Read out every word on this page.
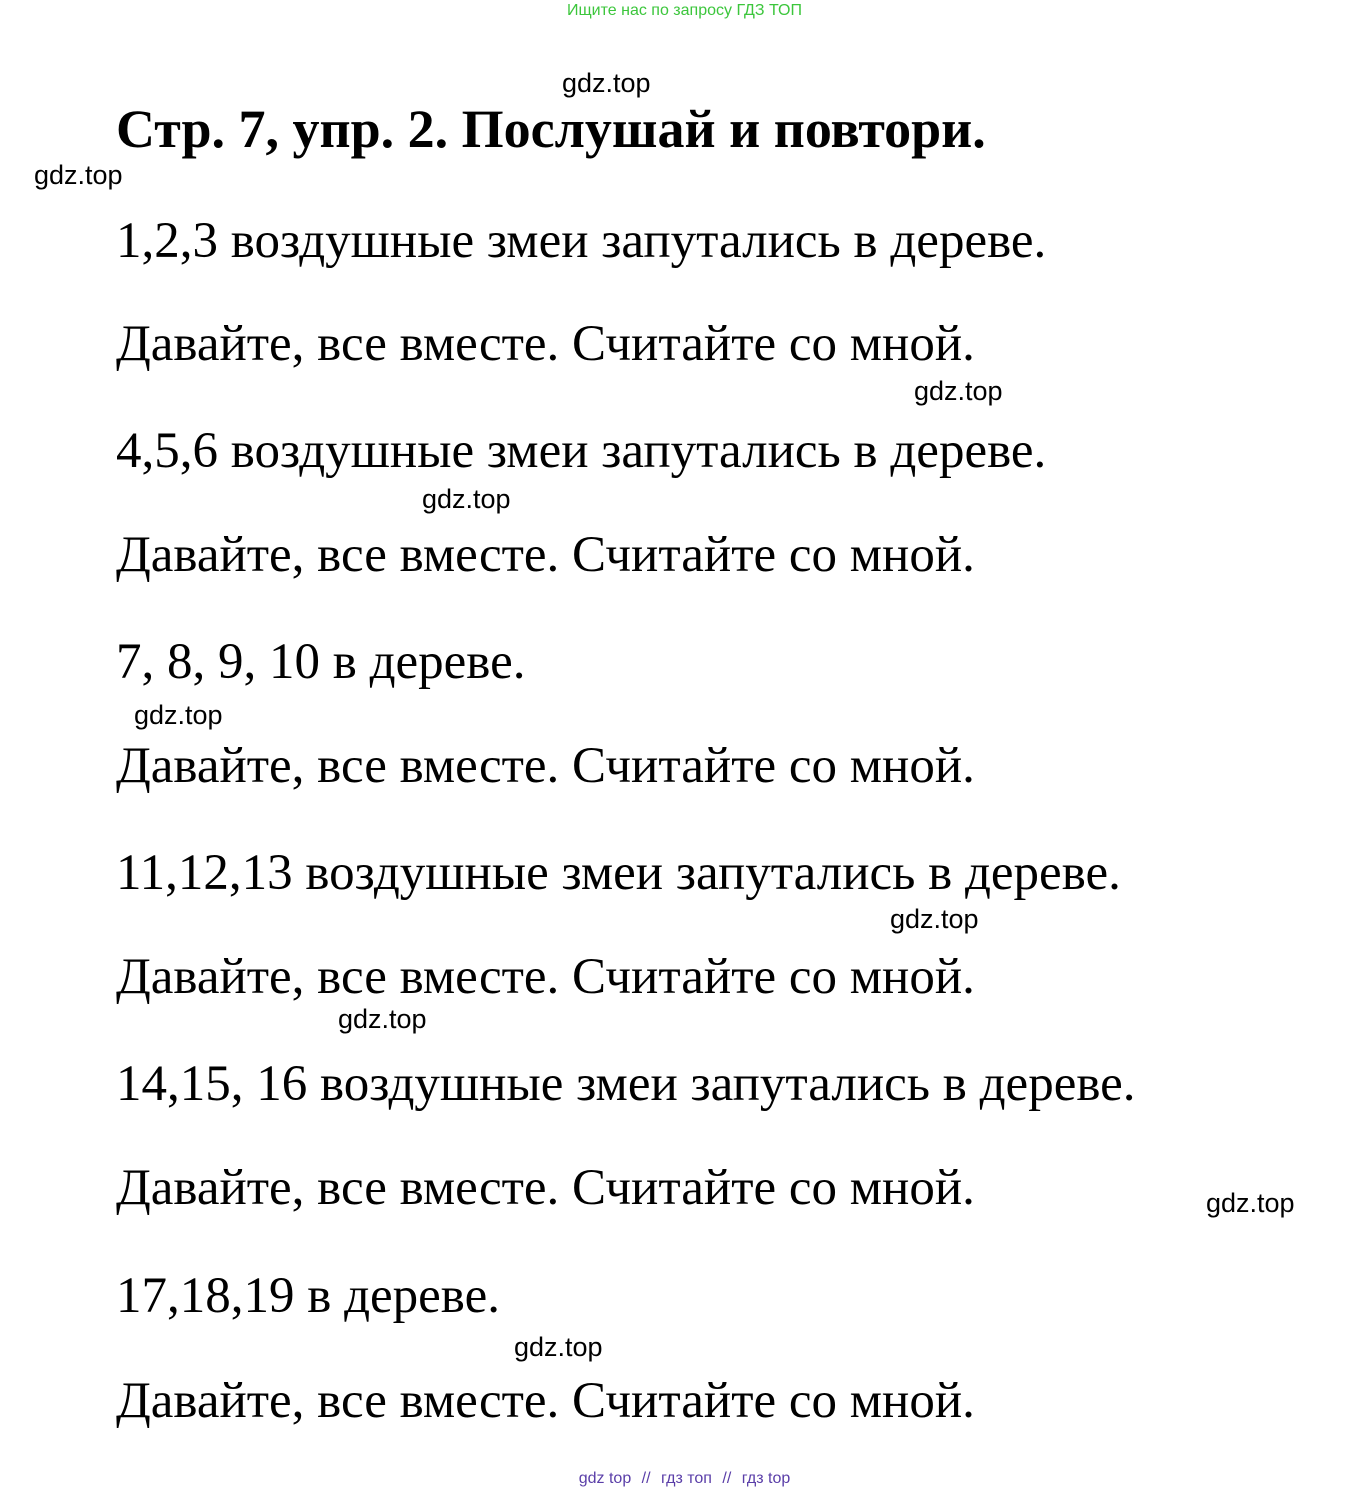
Ищите нас по запросу ГДЗ ТОП
gdz.top
Стр. 7, упр. 2. Послушай и повтори.
gdz.top

1,2,3 воздушные змеи запутались в дереве.

Давайте, все вместе. Считайте со мной.

gdz.top

4,5,6 воздушные змеи запутались в дереве.

gdz.top

Давайте, все вместе. Считайте со мной.

7, 8, 9, 10 в дереве.

gdz.top

Давайте, все вместе. Считайте со мной.

11,12,13 воздушные змеи запутались в дереве.

gdz.top

Давайте, все вместе. Считайте со мной.

gdz.top

14,15, 16 воздушные змеи запутались в дереве.

Давайте, все вместе. Считайте со мной.	gdz.top

17,18,19 в дереве.

gdz.top

Давайте, все вместе. Считайте со мной.

gdz top // гдз топ // гдз top
